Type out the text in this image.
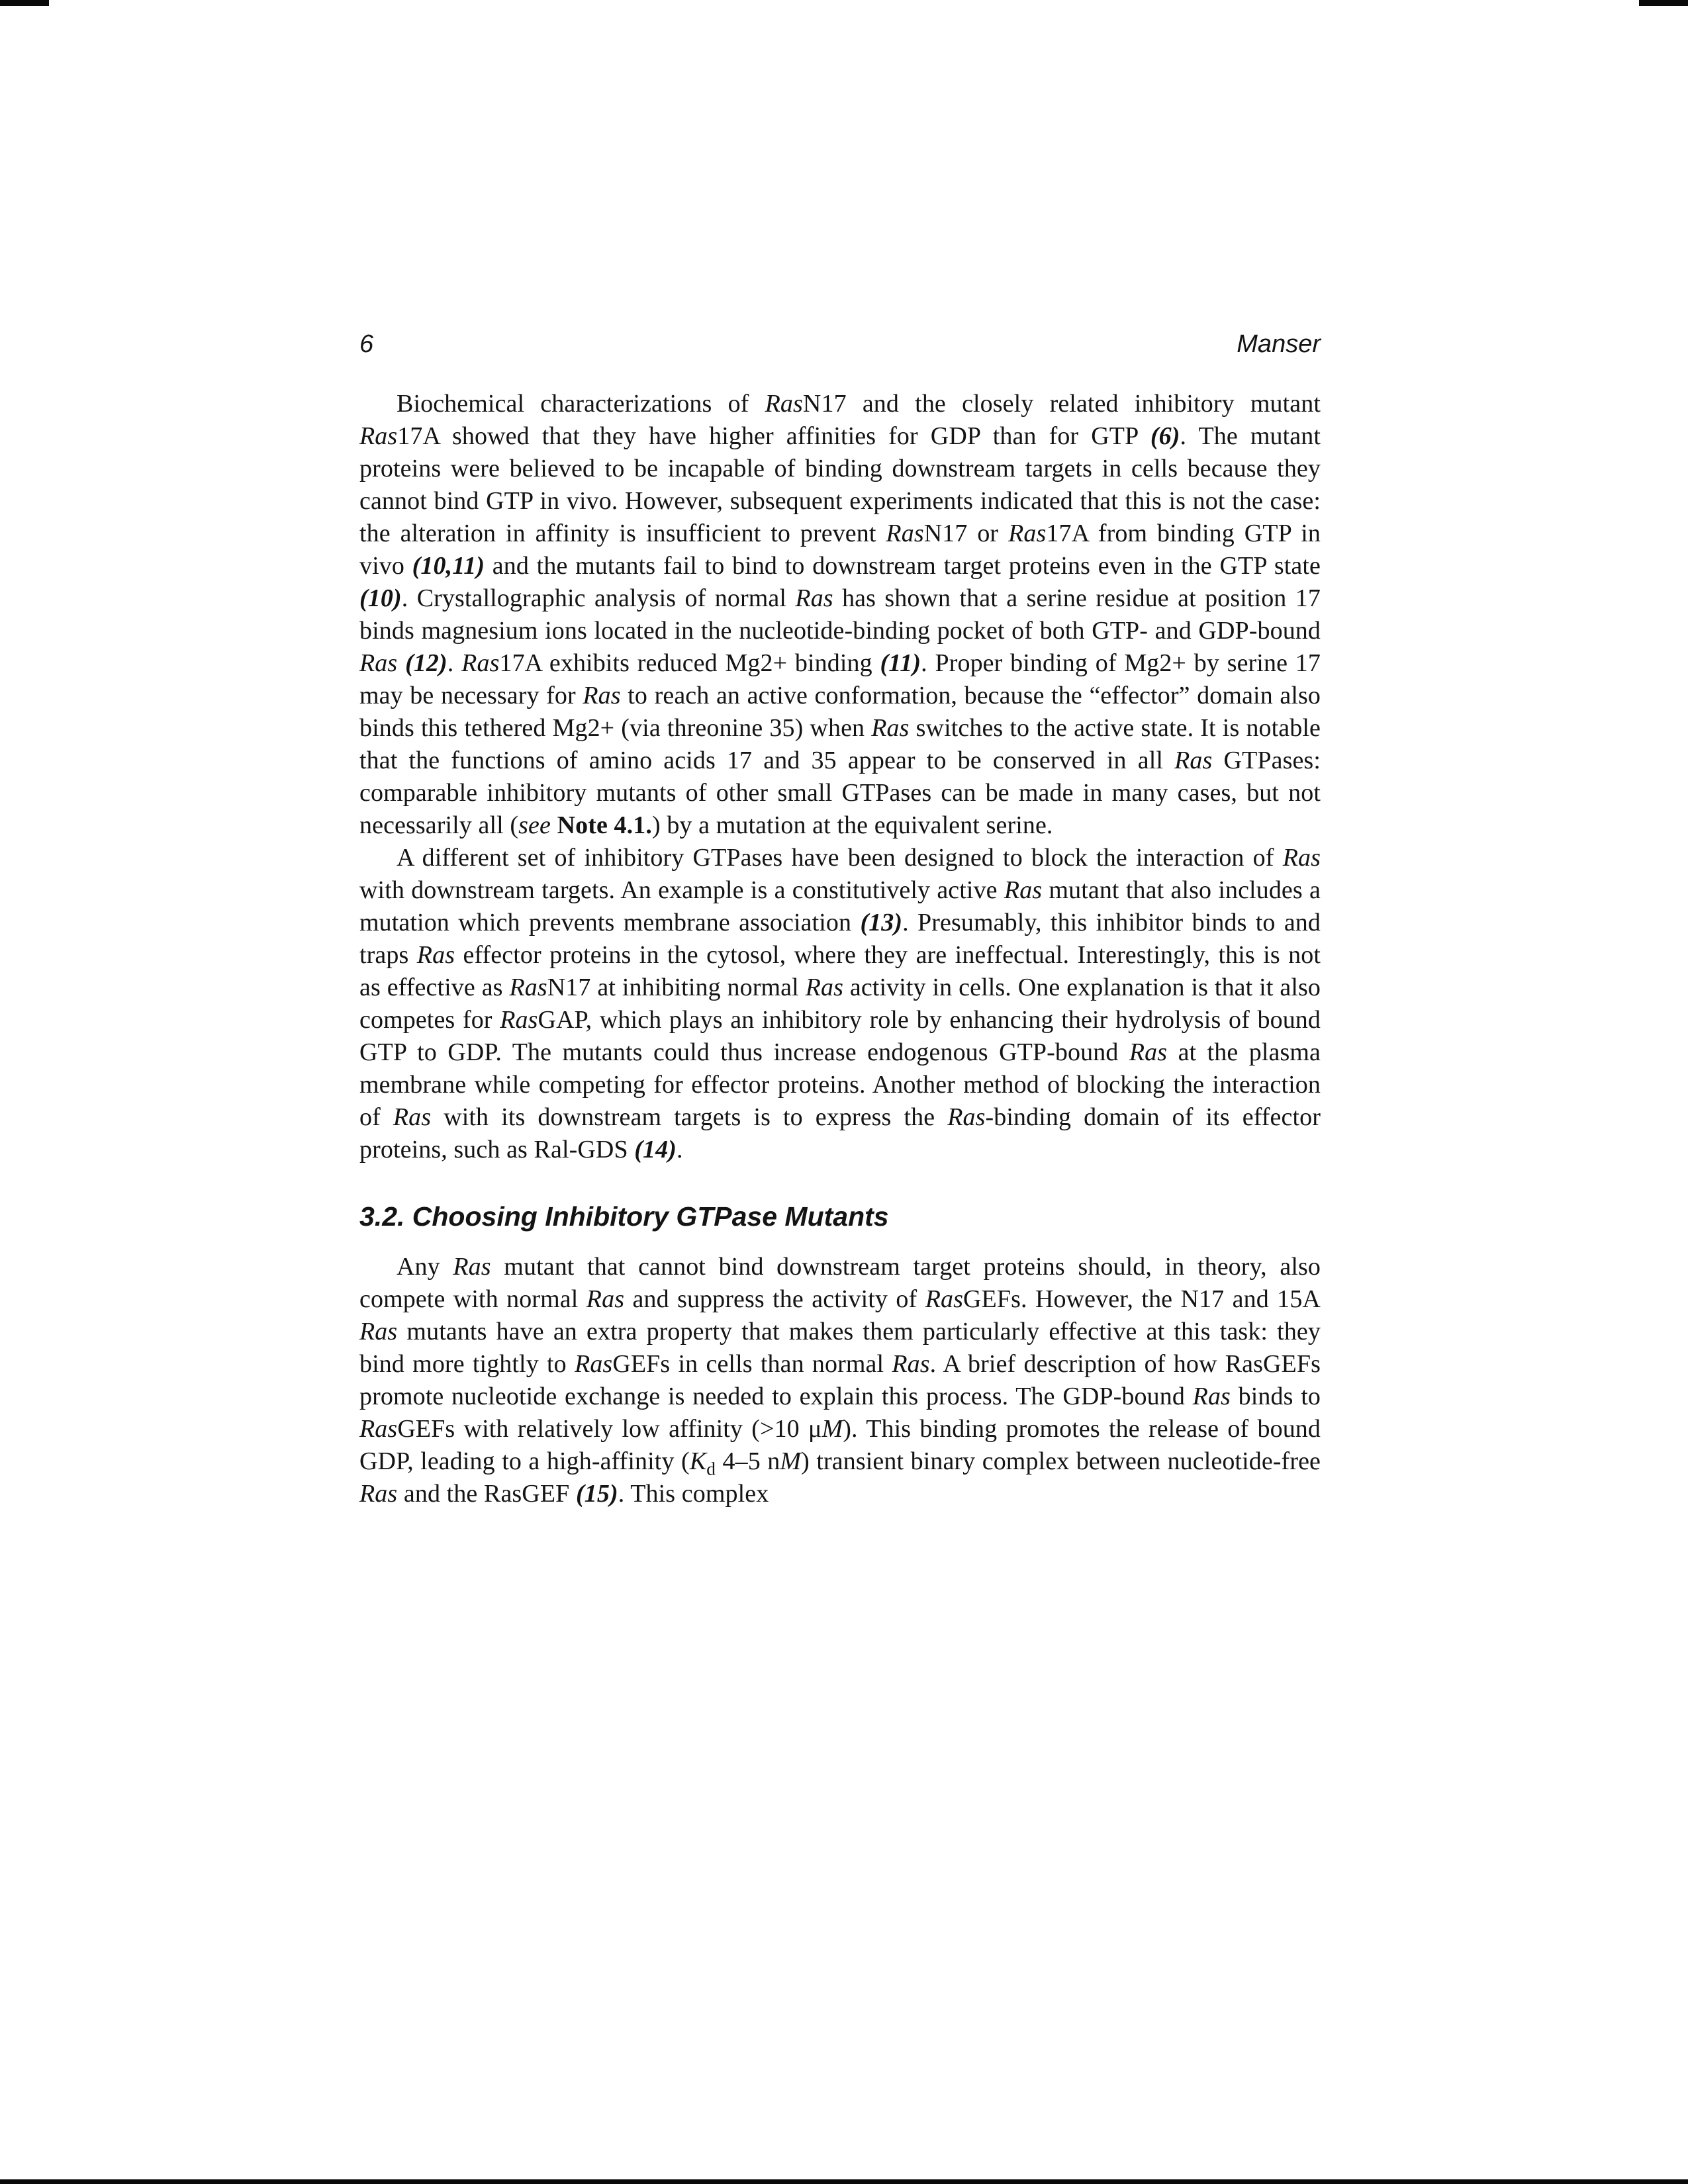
6	Manser

Biochemical characterizations of RasN17 and the closely related inhibitory mutant Ras17A showed that they have higher affinities for GDP than for GTP (6). The mutant proteins were believed to be incapable of binding downstream targets in cells because they cannot bind GTP in vivo. However, subsequent experiments indicated that this is not the case: the alteration in affinity is insufficient to prevent RasN17 or Ras17A from binding GTP in vivo (10,11) and the mutants fail to bind to downstream target proteins even in the GTP state (10). Crystallographic analysis of normal Ras has shown that a serine residue at position 17 binds magnesium ions located in the nucleotide-binding pocket of both GTP- and GDP-bound Ras (12). Ras17A exhibits reduced Mg2+ binding (11). Proper binding of Mg2+ by serine 17 may be necessary for Ras to reach an active conformation, because the “effector” domain also binds this tethered Mg2+ (via threonine 35) when Ras switches to the active state. It is notable that the functions of amino acids 17 and 35 appear to be conserved in all Ras GTPases: comparable inhibitory mutants of other small GTPases can be made in many cases, but not necessarily all (see Note 4.1.) by a mutation at the equivalent serine.

A different set of inhibitory GTPases have been designed to block the interaction of Ras with downstream targets. An example is a constitutively active Ras mutant that also includes a mutation which prevents membrane association (13). Presumably, this inhibitor binds to and traps Ras effector proteins in the cytosol, where they are ineffectual. Interestingly, this is not as effective as RasN17 at inhibiting normal Ras activity in cells. One explanation is that it also competes for RasGAP, which plays an inhibitory role by enhancing their hydrolysis of bound GTP to GDP. The mutants could thus increase endogenous GTP-bound Ras at the plasma membrane while competing for effector proteins. Another method of blocking the interaction of Ras with its downstream targets is to express the Ras-binding domain of its effector proteins, such as Ral-GDS (14).

3.2. Choosing Inhibitory GTPase Mutants

Any Ras mutant that cannot bind downstream target proteins should, in theory, also compete with normal Ras and suppress the activity of RasGEFs. However, the N17 and 15A Ras mutants have an extra property that makes them particularly effective at this task: they bind more tightly to RasGEFs in cells than normal Ras. A brief description of how RasGEFs promote nucleotide exchange is needed to explain this process. The GDP-bound Ras binds to RasGEFs with relatively low affinity (>10 μM). This binding promotes the release of bound GDP, leading to a high-affinity ($K_d$ 4–5 nM) transient binary complex between nucleotide-free Ras and the RasGEF (15). This complex
